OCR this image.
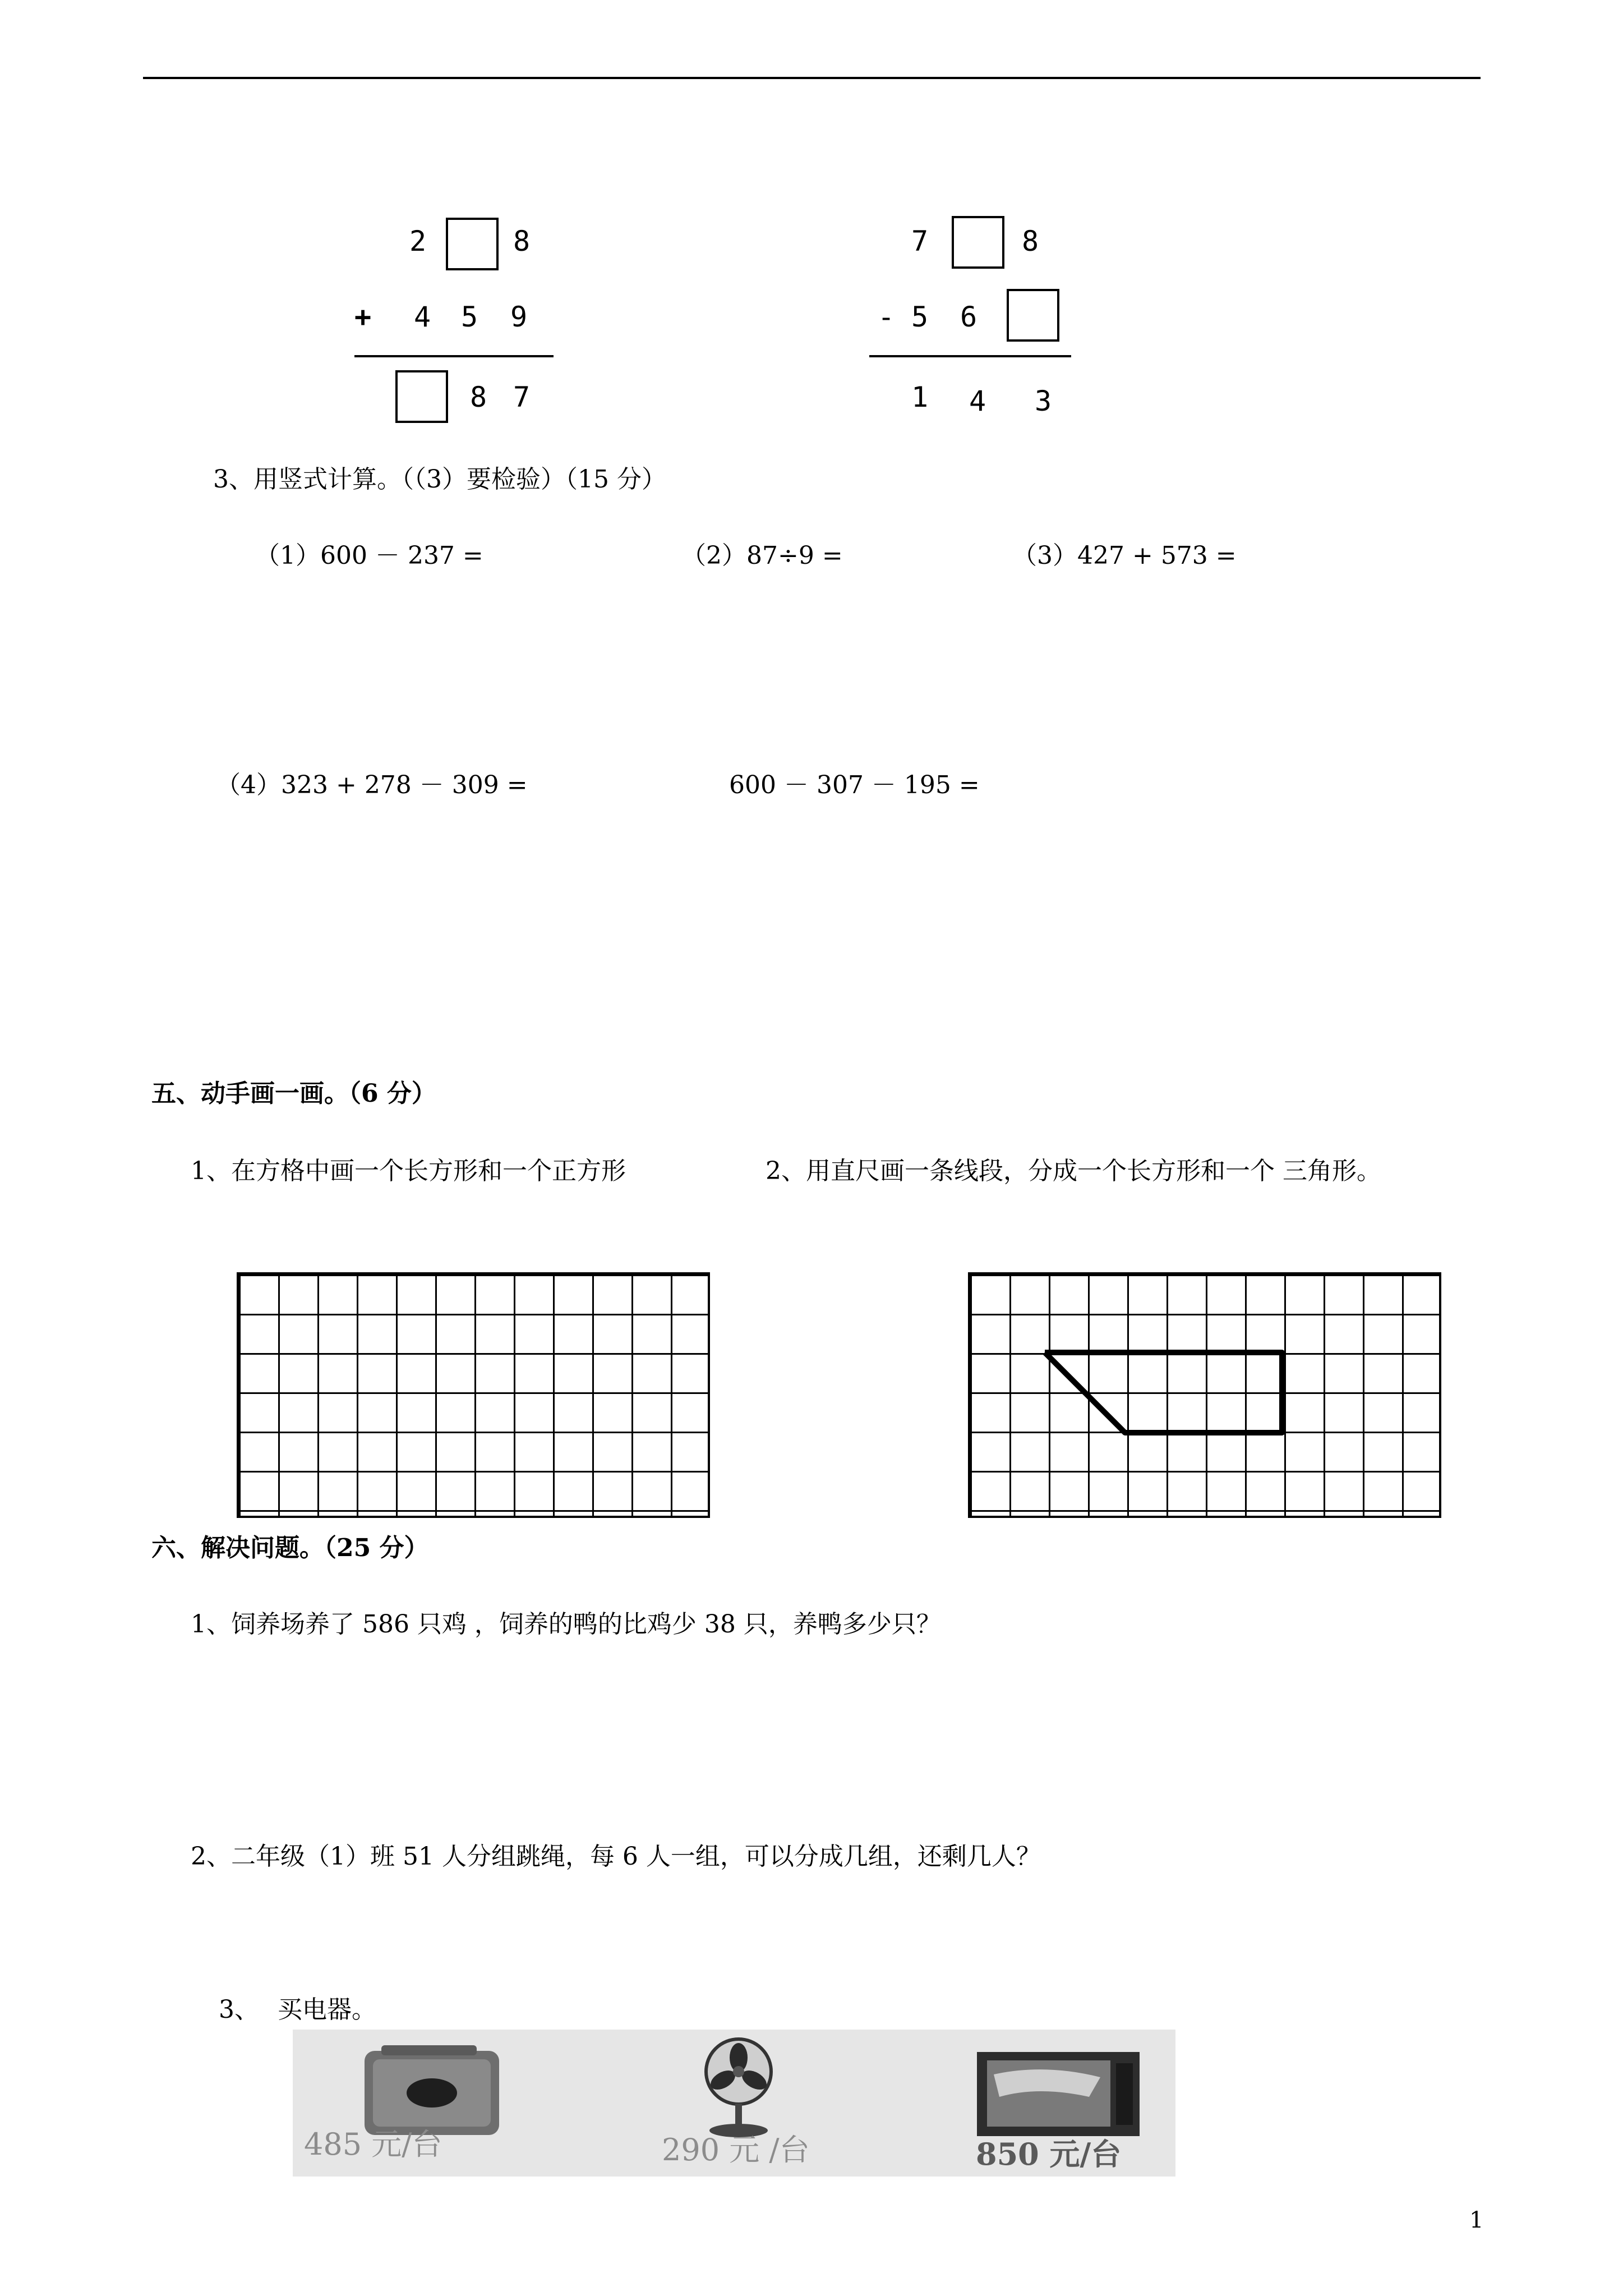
2	8
+ 4 5 9
8 7
7	8
- 5 6
1 4 3
3、用竖式计算。（（3）要检验）（15 分）
（1）600 － 237 =	（2）87÷9 =	（3）427 + 573 =
（4）323 + 278 － 309 =	600 － 307 － 195 =
五、动手画一画。（6 分）
1、在方格中画一个长方形和一个正方形	2、用直尺画一条线段，分成一个长方形和一个 三角形。
六、解决问题。（25 分）
1、饲养场养了 586 只鸡 ，饲养的鸭的比鸡少 38 只，养鸭多少只？
2、二年级（1）班 51 人分组跳绳，每 6 人一组，可以分成几组，还剩几人？
3、 买电器。
485 元/台	290 元 /台	850 元/台
1
